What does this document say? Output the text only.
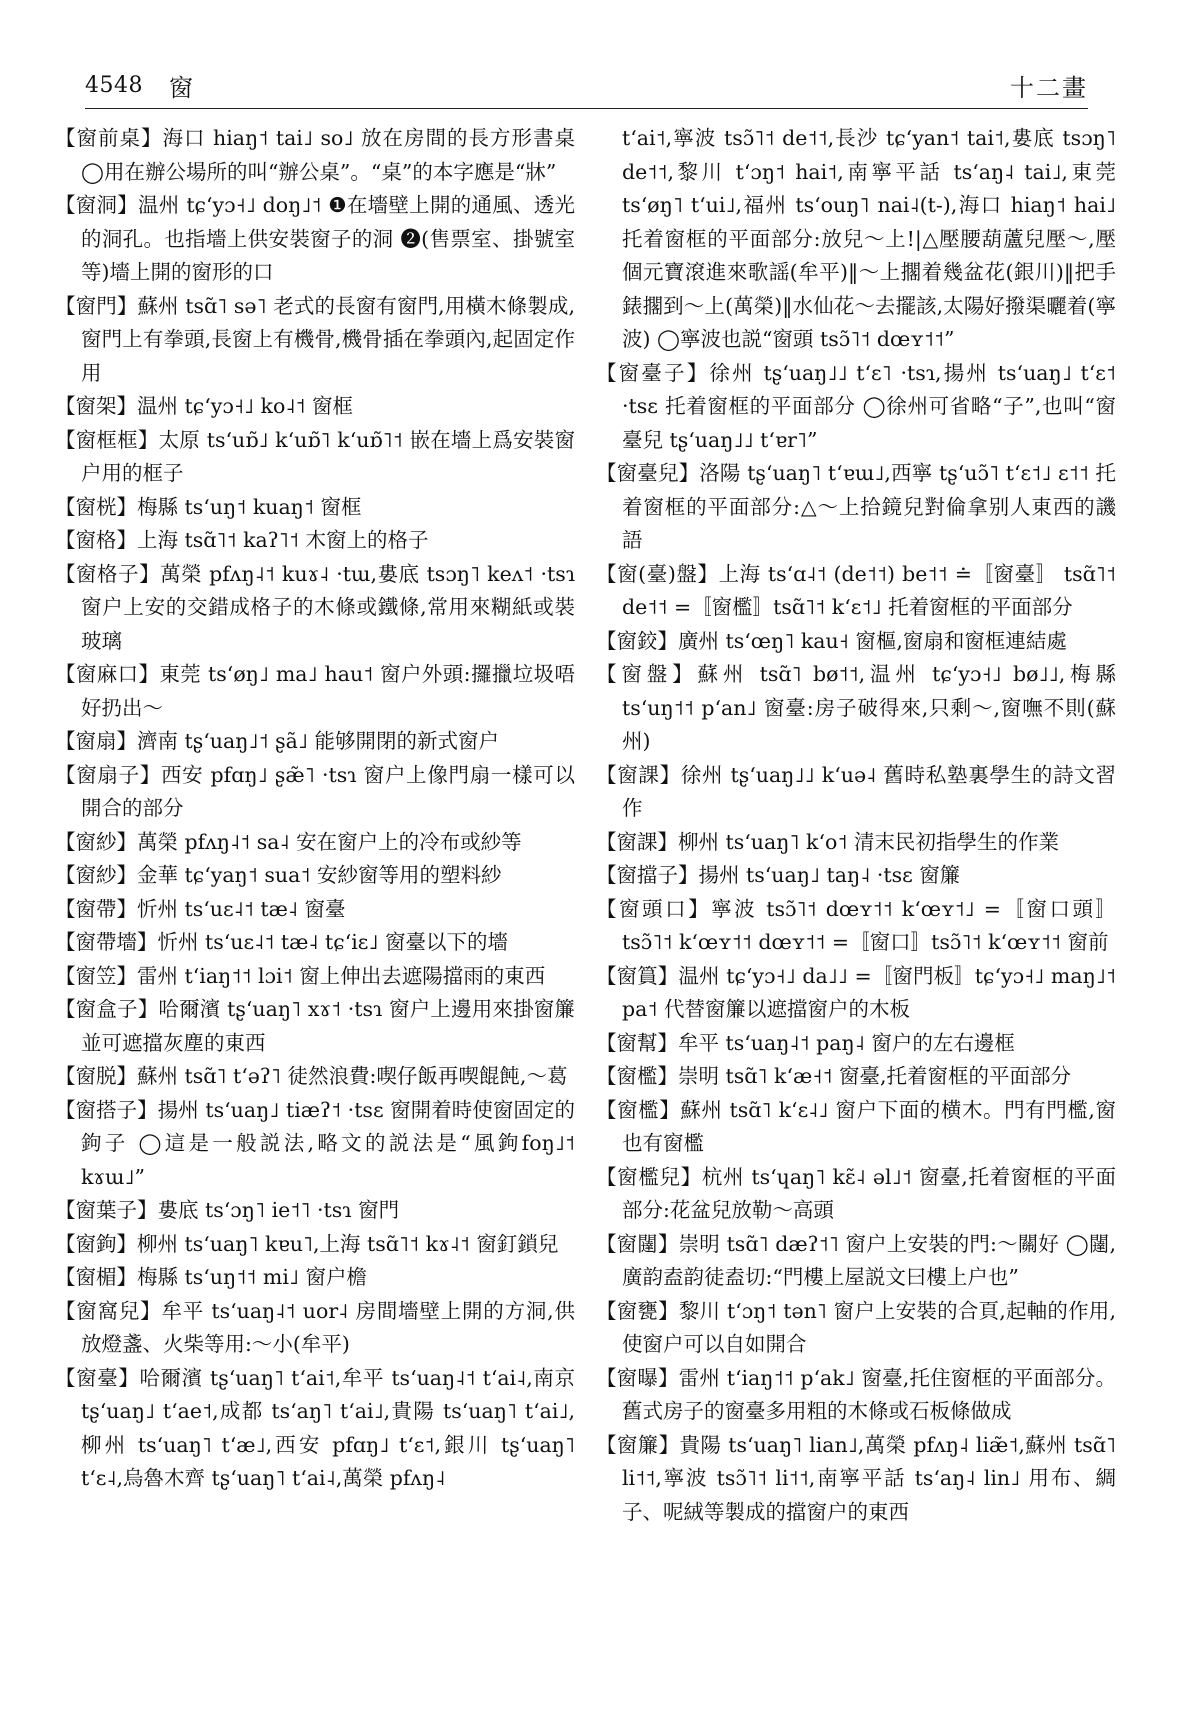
4548 窗	十二畫
【窗前桌】海口 hiaŋ˦ tai˩ so˩ 放在房間的長方形書桌 ◯用在辦公場所的叫“辦公桌”。“桌”的本字應是“牀”
【窗洞】温州 tɕʻyɔ˧˩ doŋ˩˦ ❶在墻壁上開的通風、透光的洞孔。也指墻上供安裝窗子的洞 ❷(售票室、掛號室等)墻上開的窗形的口
【窗門】蘇州 tsɑ̃˥ sə˥ 老式的長窗有窗門,用橫木條製成,窗門上有拳頭,長窗上有機骨,機骨插在拳頭內,起固定作用
【窗架】温州 tɕʻyɔ˧˩ ko˨˦ 窗框
【窗框框】太原 tsʻuɒ̃˩ kʻuɒ̃˥ kʻuɒ̃˥˦ 嵌在墻上爲安裝窗户用的框子
【窗桄】梅縣 tsʻuŋ˦ kuaŋ˦ 窗框
【窗格】上海 tsɑ̃˥˦ kaʔ˥˦ 木窗上的格子
【窗格子】萬榮 pfʌŋ˨˦ kuɤ˨ ·tɯ,婁底 tsɔŋ˥ keʌ˦ ·tsɿ 窗户上安的交錯成格子的木條或鐵條,常用來糊紙或裝玻璃
【窗麻口】東莞 tsʻøŋ˩ ma˩ hau˦ 窗户外頭:攞擸垃圾唔好扔出～
【窗扇】濟南 tʂʻuaŋ˩˦ ʂã˩ 能够開閉的新式窗户
【窗扇子】西安 pfɑŋ˩ ʂæ̃˥ ·tsɿ 窗户上像門扇一樣可以開合的部分
【窗紗】萬榮 pfʌŋ˨˦ sa˨ 安在窗户上的冷布或紗等
【窗紗】金華 tɕʻyaŋ˦ sua˦ 安紗窗等用的塑料紗
【窗帶】忻州 tsʻuɛ˨˦ tæ˨ 窗臺
【窗帶墻】忻州 tsʻuɛ˨˦ tæ˨ tɕʻiɛ˩ 窗臺以下的墻
【窗笠】雷州 tʻiaŋ˦˦ lɔi˦ 窗上伸出去遮陽擋雨的東西
【窗盒子】哈爾濱 tʂʻuaŋ˥ xɤ˦ ·tsɿ 窗户上邊用來掛窗簾並可遮擋灰塵的東西
【窗脱】蘇州 tsɑ̃˥ tʻəʔ˥ 徒然浪費:喫仔飯再喫餛飩,～葛
【窗搭子】揚州 tsʻuaŋ˩ tiæʔ˦ ·tsɛ 窗開着時使窗固定的鉤子 ◯這是一般説法,略文的説法是“風鉤foŋ˩˦ kɤɯ˩”
【窗葉子】婁底 tsʻɔŋ˥ ie˦˥ ·tsɿ 窗門
【窗鉤】柳州 tsʻuaŋ˥ kɐu˥,上海 tsɑ̃˥˦ kɤ˨˦ 窗釘鎖兒
【窗楣】梅縣 tsʻuŋ˦˦ mi˩ 窗户檐
【窗窩兒】牟平 tsʻuaŋ˨˦ uor˨ 房間墻壁上開的方洞,供放燈盞、火柴等用:～小(牟平)
【窗臺】哈爾濱 tʂʻuaŋ˥ tʻai˦,牟平 tsʻuaŋ˨˦ tʻai˨,南京 tʂʻuaŋ˩ tʻae˦,成都 tsʻaŋ˥ tʻai˩,貴陽 tsʻuaŋ˥ tʻai˩,柳州 tsʻuaŋ˥ tʻæ˩,西安 pfɑŋ˩ tʻɛ˦,銀川 tʂʻuaŋ˥ tʻɛ˨,烏魯木齊 tʂʻuaŋ˥ tʻai˨,萬榮 pfʌŋ˨
tʻai˦,寧波 tsɔ̃˥˦ de˦˦,長沙 tɕʻyan˦ tai˦,婁底 tsɔŋ˥ de˦˦,黎川 tʻɔŋ˦ hai˦,南寧平話 tsʻaŋ˨ tai˩,東莞 tsʻøŋ˥ tʻui˩,福州 tsʻouŋ˥ nai˨(t-),海口 hiaŋ˦ hai˩ 托着窗框的平面部分:放兒～上!|△壓腰葫蘆兒壓～,壓個元寶滾進來歌謡(牟平)‖～上擱着幾盆花(銀川)‖把手錶擱到～上(萬榮)‖水仙花～去擺該,太陽好撥渠曬着(寧波) ◯寧波也説“窗頭 tsɔ̃˥˦ dœʏ˦˦”
【窗臺子】徐州 tʂʻuaŋ˩˩ tʻɛ˥ ·tsɿ,揚州 tsʻuaŋ˩ tʻɛ˦ ·tsɛ 托着窗框的平面部分 ◯徐州可省略“子”,也叫“窗臺兒 tʂʻuaŋ˩˩ tʻɐr˥”
【窗臺兒】洛陽 tʂʻuaŋ˥ tʻɐɯ˩,西寧 tʂʻuɔ̃˥ tʻɛ˦˩ ɛ˦˦ 托着窗框的平面部分:△～上拾鏡兒對倫拿别人東西的譏語
【窗(臺)盤】上海 tsʻɑ˨˦ (de˦˦) be˦˦ ≐〚窗臺〛 tsɑ̃˥˦ de˦˦ =〚窗檻〛tsɑ̃˥˦ kʻɛ˦˩ 托着窗框的平面部分
【窗鉸】廣州 tsʻœŋ˥ kau˧ 窗樞,窗扇和窗框連結處
【窗盤】蘇州 tsɑ̃˥ bø˦˦,温州 tɕʻyɔ˧˩ bø˩˩,梅縣 tsʻuŋ˦˦ pʻan˩ 窗臺:房子破得來,只剩～,窗嘸不則(蘇州)
【窗課】徐州 tʂʻuaŋ˩˩ kʻuə˨ 舊時私塾裏學生的詩文習作
【窗課】柳州 tsʻuaŋ˥ kʻo˦ 清末民初指學生的作業
【窗擋子】揚州 tsʻuaŋ˩ taŋ˨ ·tsɛ 窗簾
【窗頭口】寧波 tsɔ̃˥˦ dœʏ˦˦ kʻœʏ˦˩ =〚窗口頭〛tsɔ̃˥˦ kʻœʏ˦˦ dœʏ˦˦ =〚窗口〛tsɔ̃˥˦ kʻœʏ˦˦ 窗前
【窗篔】温州 tɕʻyɔ˧˩ da˩˩ =〚窗門板〛tɕʻyɔ˧˩ maŋ˩˦ pa˦ 代替窗簾以遮擋窗户的木板
【窗幫】牟平 tsʻuaŋ˨˦ paŋ˨ 窗户的左右邊框
【窗檻】崇明 tsɑ̃˥ kʻæ˧˦ 窗臺,托着窗框的平面部分
【窗檻】蘇州 tsɑ̃˥ kʻɛ˨˩ 窗户下面的横木。門有門檻,窗也有窗檻
【窗檻兒】杭州 tsʻɥaŋ˥ kɛ̃˨ əl˩˦ 窗臺,托着窗框的平面部分:花盆兒放勒～高頭
【窗闥】崇明 tsɑ̃˥ dæʔ˦˥ 窗户上安裝的門:～關好 ◯闥,廣韵盍韵徒盍切:“門樓上屋説文曰樓上户也”
【窗甕】黎川 tʻɔŋ˦ tən˥ 窗户上安裝的合頁,起軸的作用,使窗户可以自如開合
【窗曝】雷州 tʻiaŋ˦˦ pʻak˩ 窗臺,托住窗框的平面部分。舊式房子的窗臺多用粗的木條或石板條做成
【窗簾】貴陽 tsʻuaŋ˥ lian˩,萬榮 pfʌŋ˨ liæ̃˦,蘇州 tsɑ̃˥ li˦˦,寧波 tsɔ̃˥˦ li˦˦,南寧平話 tsʻaŋ˨ lin˩ 用布、綢子、呢絨等製成的擋窗户的東西
